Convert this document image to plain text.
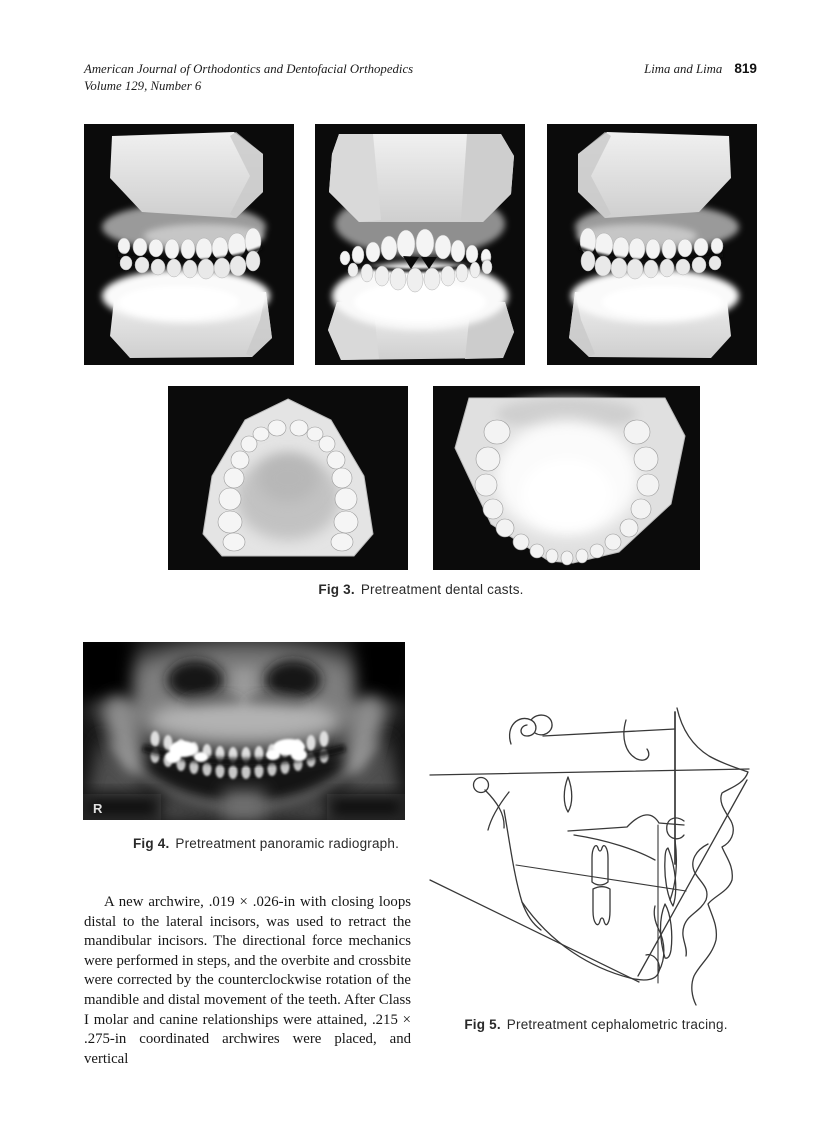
American Journal of Orthodontics and Dentofacial Orthopedics
Volume 129, Number 6
Lima and Lima 819
Fig 3. Pretreatment dental casts.
R
Fig 4. Pretreatment panoramic radiograph.

A new archwire, .019 × .026-in with closing loops distal to the lateral incisors, was used to retract the mandibular incisors. The directional force mechanics were performed in steps, and the overbite and crossbite were corrected by the counterclockwise rotation of the mandible and distal movement of the teeth. After Class I molar and canine relationships were attained, .215 × .275-in coordinated archwires were placed, and vertical

Fig 5. Pretreatment cephalometric tracing.
